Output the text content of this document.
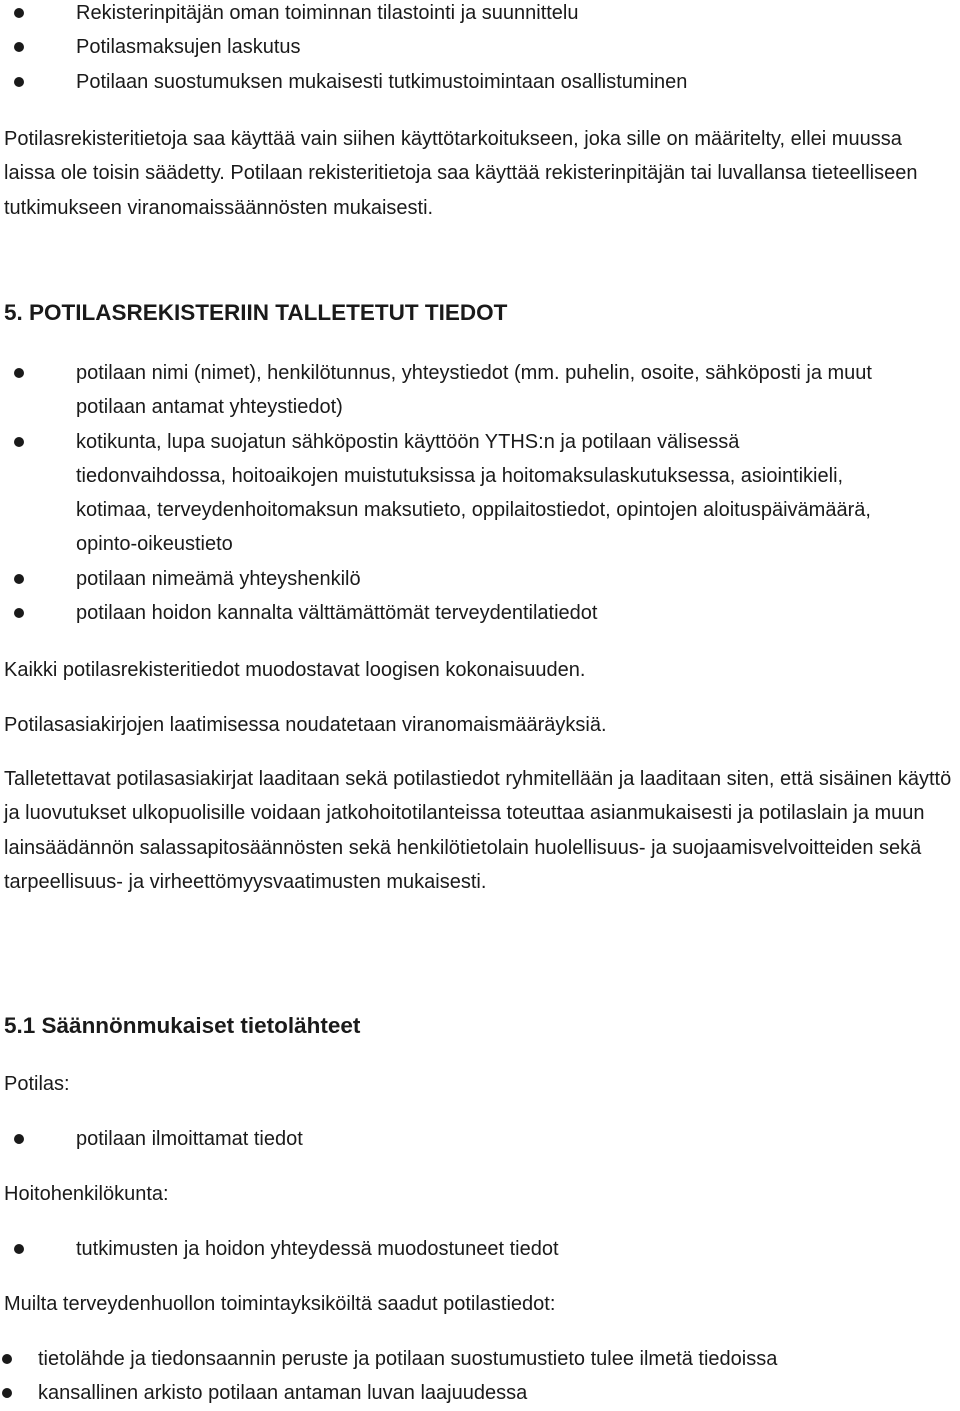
Rekisterinpitäjän oman toiminnan tilastointi ja suunnittelu
Potilasmaksujen laskutus
Potilaan suostumuksen mukaisesti tutkimustoimintaan osallistuminen

Potilasrekisteritietoja saa käyttää vain siihen käyttötarkoitukseen, joka sille on määritelty, ellei muussa laissa ole toisin säädetty. Potilaan rekisteritietoja saa käyttää rekisterinpitäjän tai luvallansa tieteelliseen tutkimukseen viranomaissäännösten mukaisesti.

5. POTILASREKISTERIIN TALLETETUT TIEDOT
potilaan nimi (nimet), henkilötunnus, yhteystiedot (mm. puhelin, osoite, sähköposti ja muut potilaan antamat yhteystiedot)
kotikunta, lupa suojatun sähköpostin käyttöön YTHS:n ja potilaan välisessä tiedonvaihdossa, hoitoaikojen muistutuksissa ja hoitomaksulaskutuksessa, asiointikieli, kotimaa, terveydenhoitomaksun maksutieto, oppilaitostiedot, opintojen aloituspäivämäärä, opinto-oikeustieto
potilaan nimeämä yhteyshenkilö
potilaan hoidon kannalta välttämättömät terveydentilatiedot

Kaikki potilasrekisteritiedot muodostavat loogisen kokonaisuuden.

Potilasasiakirjojen laatimisessa noudatetaan viranomaismääräyksiä.

Talletettavat potilasasiakirjat laaditaan sekä potilastiedot ryhmitellään ja laaditaan siten, että sisäinen käyttö ja luovutukset ulkopuolisille voidaan jatkohoitotilanteissa toteuttaa asianmukaisesti ja potilaslain ja muun lainsäädännön salassapitosäännösten sekä henkilötietolain huolellisuus- ja suojaamisvelvoitteiden sekä tarpeellisuus- ja virheettömyysvaatimusten mukaisesti.

5.1 Säännönmukaiset tietolähteet

Potilas:

potilaan ilmoittamat tiedot

Hoitohenkilökunta:

tutkimusten ja hoidon yhteydessä muodostuneet tiedot

Muilta terveydenhuollon toimintayksiköiltä saadut potilastiedot:

tietolähde ja tiedonsaannin peruste ja potilaan suostumustieto tulee ilmetä tiedoissa
kansallinen arkisto potilaan antaman luvan laajuudessa
